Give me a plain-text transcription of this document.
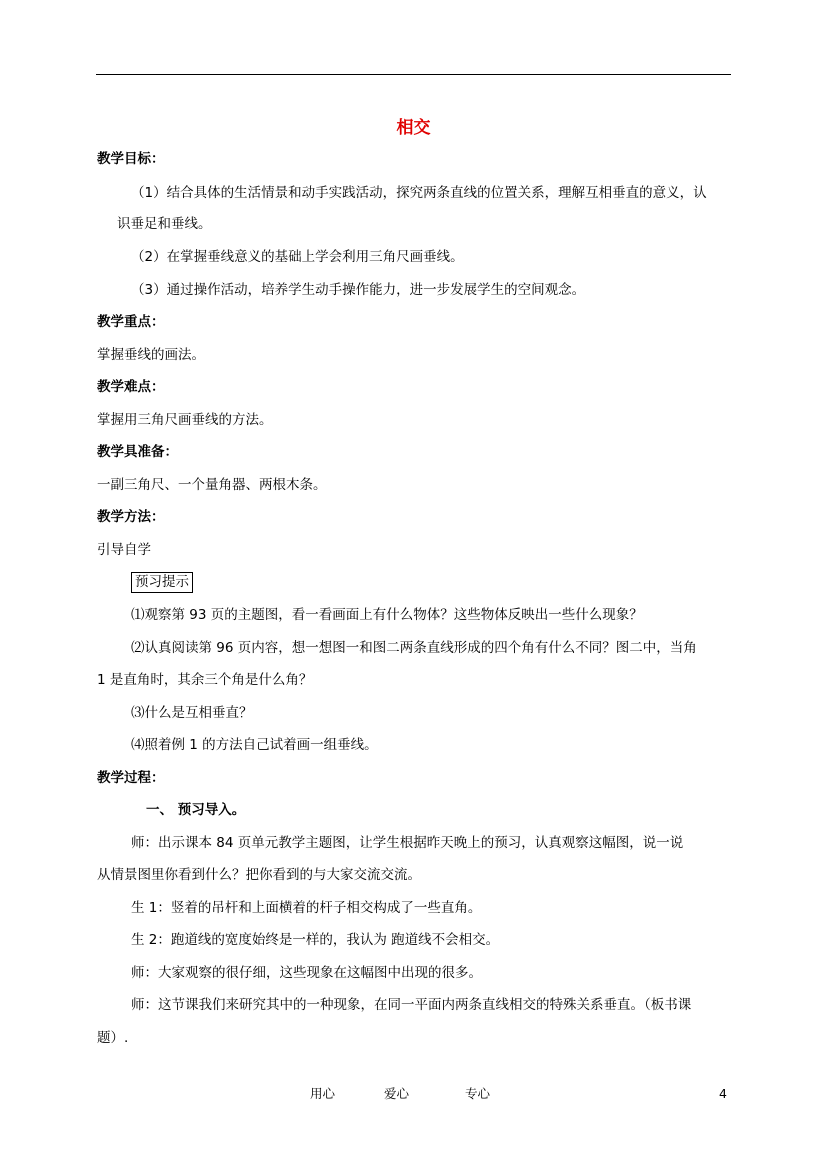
相交
教学目标：
（1）结合具体的生活情景和动手实践活动，探究两条直线的位置关系，理解互相垂直的意义，认
识垂足和垂线。
（2）在掌握垂线意义的基础上学会利用三角尺画垂线。
（3）通过操作活动，培养学生动手操作能力，进一步发展学生的空间观念。
教学重点：
掌握垂线的画法。
教学难点：
掌握用三角尺画垂线的方法。
教学具准备：
一副三角尺、一个量角器、两根木条。
教学方法：
引导自学
预习提示
⑴观察第 93 页的主题图，看一看画面上有什么物体？这些物体反映出一些什么现象？
⑵认真阅读第 96 页内容，想一想图一和图二两条直线形成的四个角有什么不同？图二中，当角
1 是直角时，其余三个角是什么角？
⑶什么是互相垂直？
⑷照着例 1 的方法自己试着画一组垂线。
教学过程：
一、 预习导入。
师：出示课本 84 页单元教学主题图，让学生根据昨天晚上的预习，认真观察这幅图，说一说
从情景图里你看到什么？把你看到的与大家交流交流。
生 1：竖着的吊杆和上面横着的杆子相交构成了一些直角。
生 2：跑道线的宽度始终是一样的，我认为 跑道线不会相交。
师：大家观察的很仔细，这些现象在这幅图中出现的很多。
师：这节课我们来研究其中的一种现象，在同一平面内两条直线相交的特殊关系垂直。（板书课
题）.
用心	爱心	专心	4
